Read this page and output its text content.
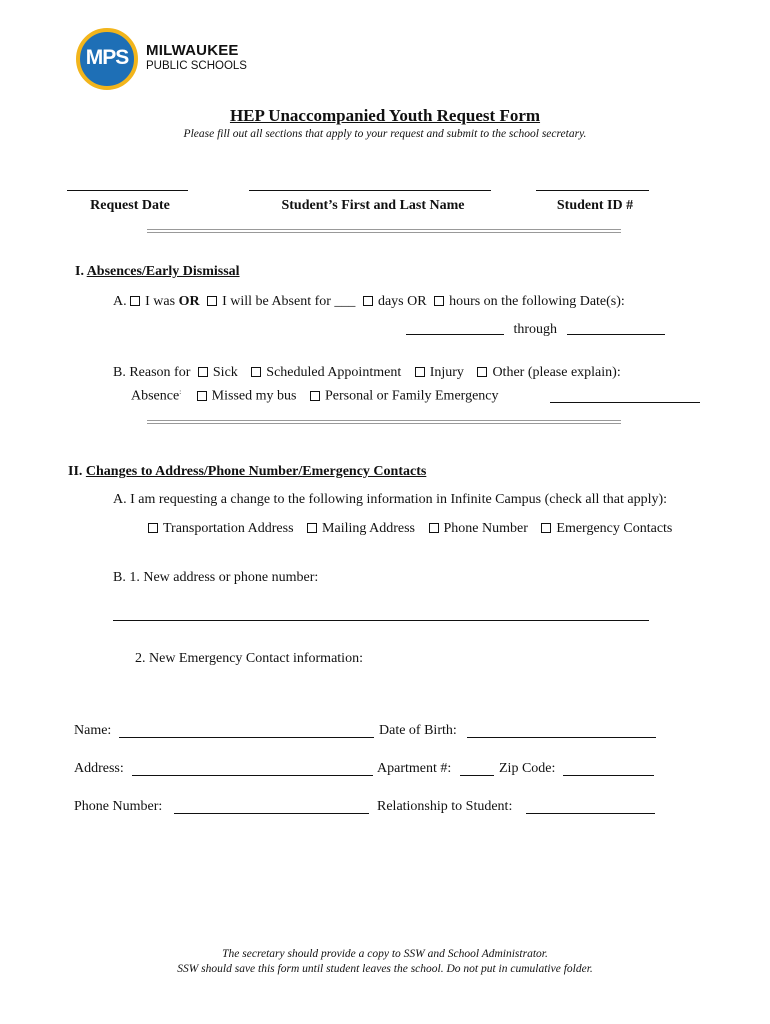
MPS	MILWAUKEE
PUBLIC SCHOOLS
HEP Unaccompanied Youth Request Form
Please fill out all sections that apply to your request and submit to the school secretary.
Request Date	Student’s First and Last Name	Student ID #
I. Absences/Early Dismissal
A. I was OR I will be Absent for ___ days OR hours on the following Date(s):
through
B. Reason for Sick Scheduled Appointment Injury Other (please explain):
Absence: Missed my bus Personal or Family Emergency
II. Changes to Address/Phone Number/Emergency Contacts
A. I am requesting a change to the following information in Infinite Campus (check all that apply):
Transportation Address Mailing Address Phone Number Emergency Contacts
B. 1. New address or phone number:
2. New Emergency Contact information:
Name:	Date of Birth:
Address:	Apartment #:	Zip Code:
Phone Number:	Relationship to Student:
The secretary should provide a copy to SSW and School Administrator.
SSW should save this form until student leaves the school. Do not put in cumulative folder.
